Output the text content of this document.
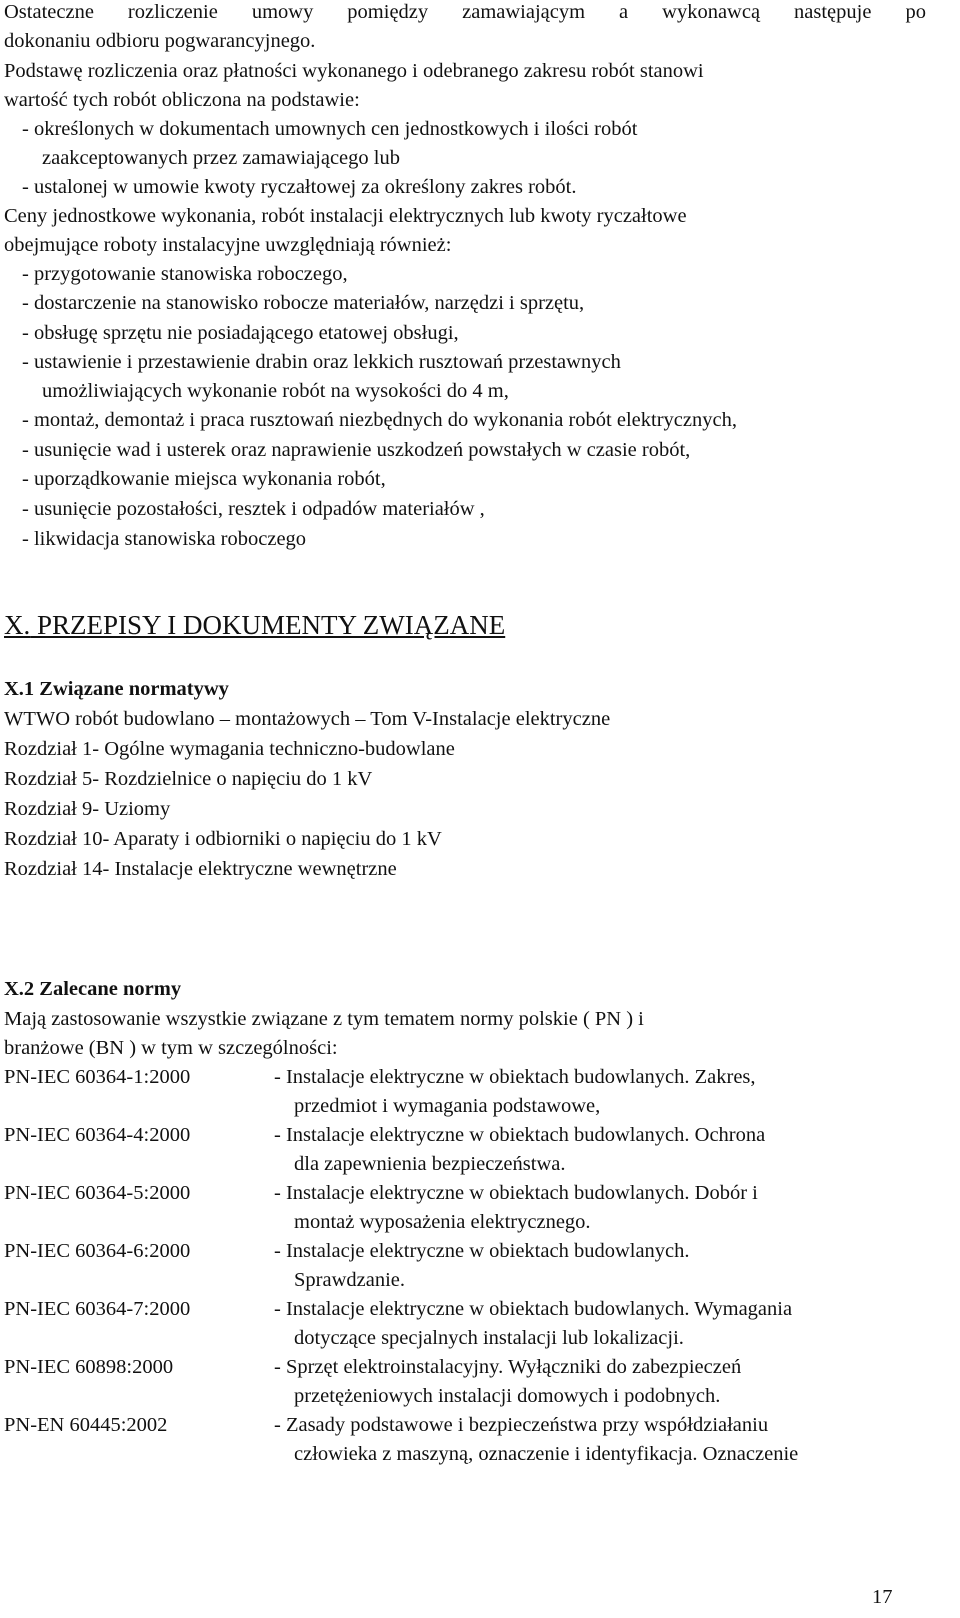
Ostateczne rozliczenie umowy pomiędzy zamawiającym a wykonawcą następuje po
dokonaniu odbioru pogwarancyjnego.
Podstawę rozliczenia oraz płatności wykonanego i odebranego zakresu robót stanowi
wartość tych robót obliczona na podstawie:
- określonych w dokumentach umownych cen jednostkowych i ilości robót
zaakceptowanych przez zamawiającego lub
- ustalonej w umowie kwoty ryczałtowej za określony zakres robót.
Ceny jednostkowe wykonania, robót instalacji elektrycznych lub kwoty ryczałtowe
obejmujące roboty instalacyjne uwzględniają również:
- przygotowanie stanowiska roboczego,
- dostarczenie na stanowisko robocze materiałów, narzędzi i sprzętu,
- obsługę sprzętu nie posiadającego etatowej obsługi,
- ustawienie i przestawienie drabin oraz lekkich rusztowań przestawnych
umożliwiających wykonanie robót na wysokości do 4 m,
- montaż, demontaż i praca rusztowań niezbędnych do wykonania robót elektrycznych,
- usunięcie wad i usterek oraz naprawienie uszkodzeń powstałych w czasie robót,
- uporządkowanie miejsca wykonania robót,
- usunięcie pozostałości, resztek i odpadów materiałów ,
- likwidacja stanowiska roboczego
X. PRZEPISY I DOKUMENTY ZWIĄZANE
X.1 Związane normatywy
WTWO robót budowlano – montażowych – Tom V-Instalacje elektryczne
Rozdział 1- Ogólne wymagania techniczno-budowlane
Rozdział 5- Rozdzielnice o napięciu do 1 kV
Rozdział 9- Uziomy
Rozdział 10- Aparaty i odbiorniki o napięciu do 1 kV
Rozdział 14- Instalacje elektryczne wewnętrzne
X.2 Zalecane normy
Mają zastosowanie wszystkie związane z tym tematem normy polskie ( PN ) i
branżowe (BN ) w tym w szczególności:
PN-IEC 60364-1:2000	- Instalacje elektryczne w obiektach budowlanych. Zakres,
przedmiot i wymagania podstawowe,
PN-IEC 60364-4:2000	- Instalacje elektryczne w obiektach budowlanych. Ochrona
dla zapewnienia bezpieczeństwa.
PN-IEC 60364-5:2000	- Instalacje elektryczne w obiektach budowlanych. Dobór i
montaż wyposażenia elektrycznego.
PN-IEC 60364-6:2000	- Instalacje elektryczne w obiektach budowlanych.
Sprawdzanie.
PN-IEC 60364-7:2000	- Instalacje elektryczne w obiektach budowlanych. Wymagania
dotyczące specjalnych instalacji lub lokalizacji.
PN-IEC 60898:2000	- Sprzęt elektroinstalacyjny. Wyłączniki do zabezpieczeń
przetężeniowych instalacji domowych i podobnych.
PN-EN 60445:2002	- Zasady podstawowe i bezpieczeństwa przy współdziałaniu
człowieka z maszyną, oznaczenie i identyfikacja. Oznaczenie
17
